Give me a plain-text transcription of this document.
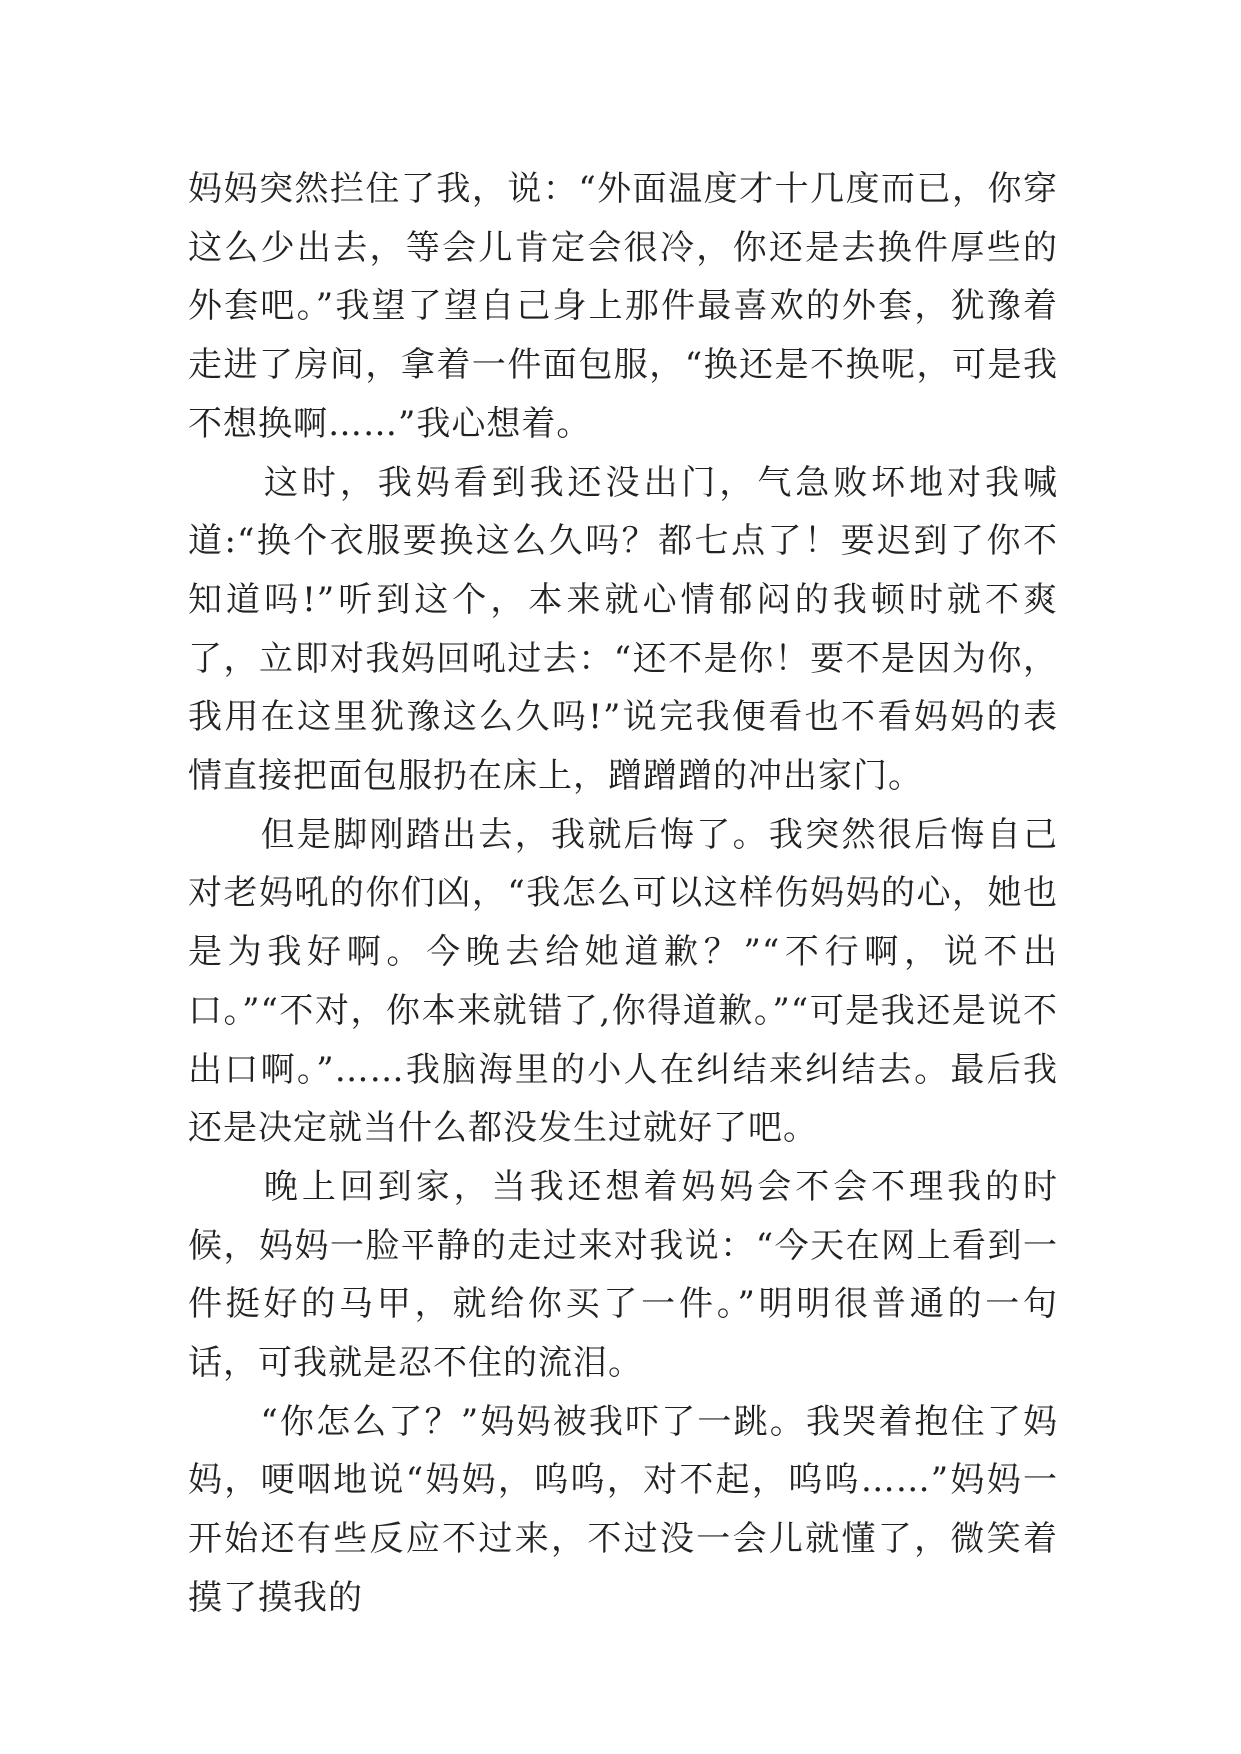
妈妈突然拦住了我，说：“外面温度才十几度而已，你穿这么少出去，等会儿肯定会很冷，你还是去换件厚些的外套吧。”我望了望自己身上那件最喜欢的外套，犹豫着走进了房间，拿着一件面包服，“换还是不换呢，可是我不想换啊……”我心想着。

　　这时，我妈看到我还没出门，气急败坏地对我喊道:“换个衣服要换这么久吗？都七点了！要迟到了你不知道吗!”听到这个，本来就心情郁闷的我顿时就不爽了，立即对我妈回吼过去：“还不是你！要不是因为你，我用在这里犹豫这么久吗!”说完我便看也不看妈妈的表情直接把面包服扔在床上，蹭蹭蹭的冲出家门。

　　但是脚刚踏出去，我就后悔了。我突然很后悔自己对老妈吼的你们凶，“我怎么可以这样伤妈妈的心，她也是为我好啊。今晚去给她道歉？”“不行啊，说不出口。”“不对，你本来就错了,你得道歉。”“可是我还是说不出口啊。”……我脑海里的小人在纠结来纠结去。最后我还是决定就当什么都没发生过就好了吧。

　　晚上回到家，当我还想着妈妈会不会不理我的时候，妈妈一脸平静的走过来对我说：“今天在网上看到一件挺好的马甲，就给你买了一件。”明明很普通的一句话，可我就是忍不住的流泪。

　　“你怎么了？”妈妈被我吓了一跳。我哭着抱住了妈妈，哽咽地说“妈妈，呜呜，对不起，呜呜……”妈妈一开始还有些反应不过来，不过没一会儿就懂了，微笑着摸了摸我的
